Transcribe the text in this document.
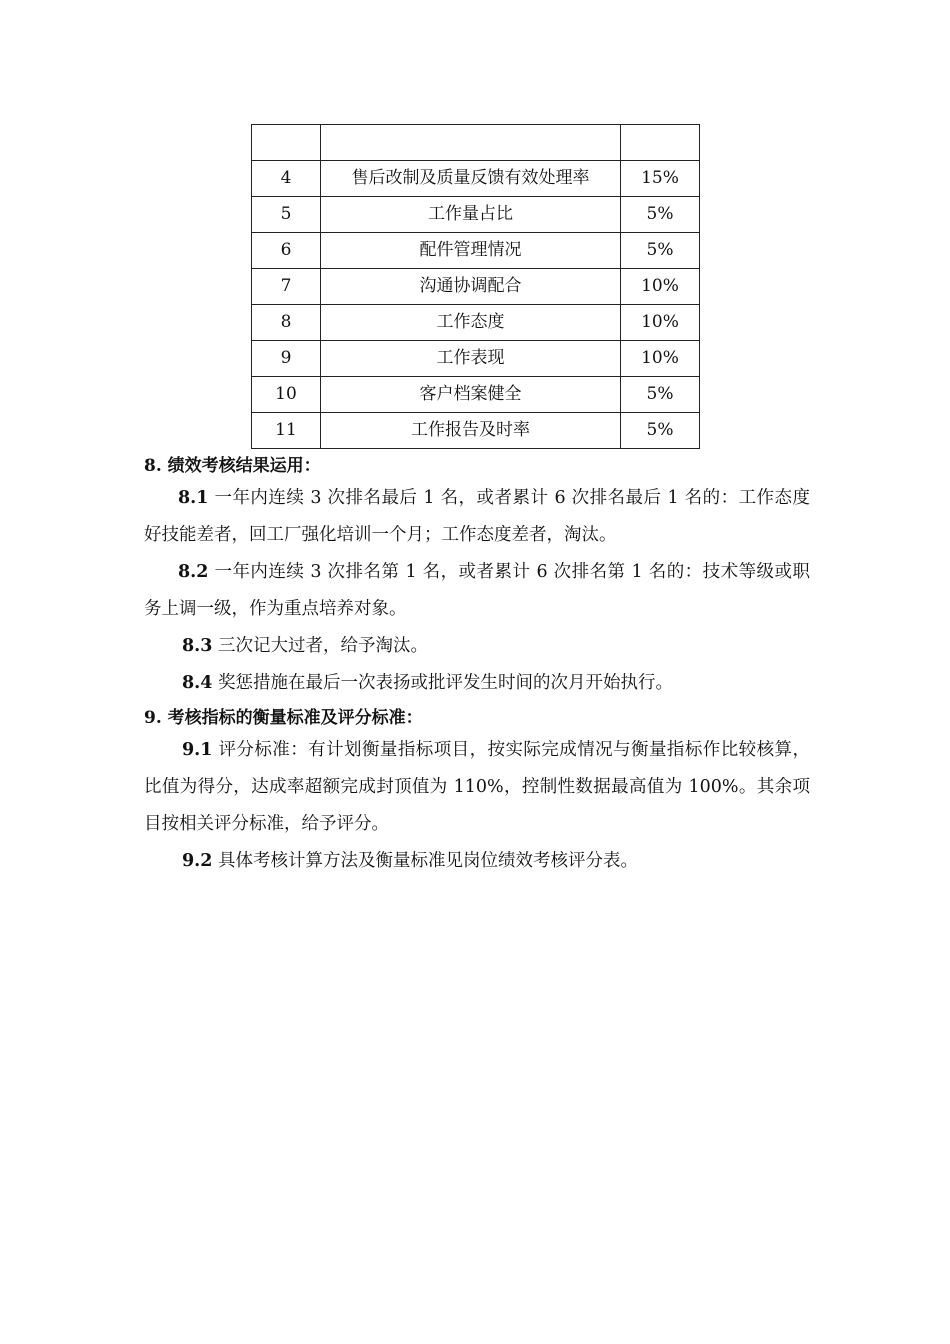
4	售后改制及质量反馈有效处理率	15%
5	工作量占比	5%
6	配件管理情况	5%
7	沟通协调配合	10%
8	工作态度	10%
9	工作表现	10%
10	客户档案健全	5%
11	工作报告及时率	5%

8. 绩效考核结果运用：

8.1 一年内连续 3 次排名最后 1 名，或者累计 6 次排名最后 1 名的：工作态度好技能差者，回工厂强化培训一个月；工作态度差者，淘汰。

8.2 一年内连续 3 次排名第 1 名，或者累计 6 次排名第 1 名的：技术等级或职务上调一级，作为重点培养对象。

8.3 三次记大过者，给予淘汰。

8.4 奖惩措施在最后一次表扬或批评发生时间的次月开始执行。

9. 考核指标的衡量标准及评分标准：

9.1 评分标准：有计划衡量指标项目，按实际完成情况与衡量指标作比较核算，比值为得分，达成率超额完成封顶值为 110%，控制性数据最高值为 100%。其余项目按相关评分标准，给予评分。

9.2 具体考核计算方法及衡量标准见岗位绩效考核评分表。
